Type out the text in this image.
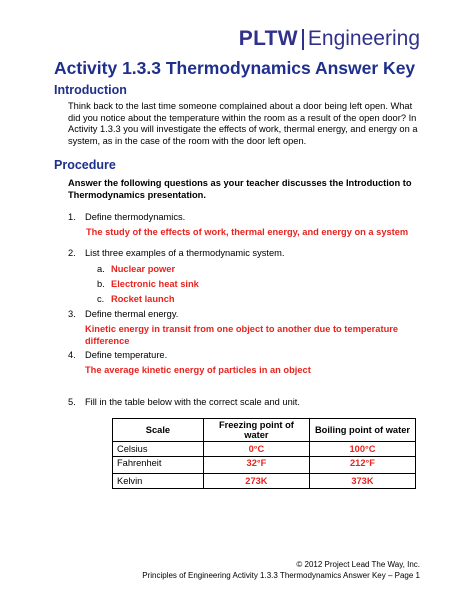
PLTW Engineering
Activity 1.3.3 Thermodynamics Answer Key
Introduction
Think back to the last time someone complained about a door being left open. What did you notice about the temperature within the room as a result of the open door? In Activity 1.3.3 you will investigate the effects of work, thermal energy, and energy on a system, as in the case of the room with the door left open.
Procedure
Answer the following questions as your teacher discusses the Introduction to Thermodynamics presentation.
1. Define thermodynamics.
The study of the effects of work, thermal energy, and energy on a system
2. List three examples of a thermodynamic system.
a. Nuclear power
b. Electronic heat sink
c. Rocket launch
3. Define thermal energy.
Kinetic energy in transit from one object to another due to temperature difference
4. Define temperature.
The average kinetic energy of particles in an object
5. Fill in the table below with the correct scale and unit.
Scale	Freezing point of water	Boiling point of water
Celsius	0°C	100°C
Fahrenheit	32°F	212°F
Kelvin	273K	373K
© 2012 Project Lead The Way, Inc.
Principles of Engineering Activity 1.3.3 Thermodynamics Answer Key – Page 1
